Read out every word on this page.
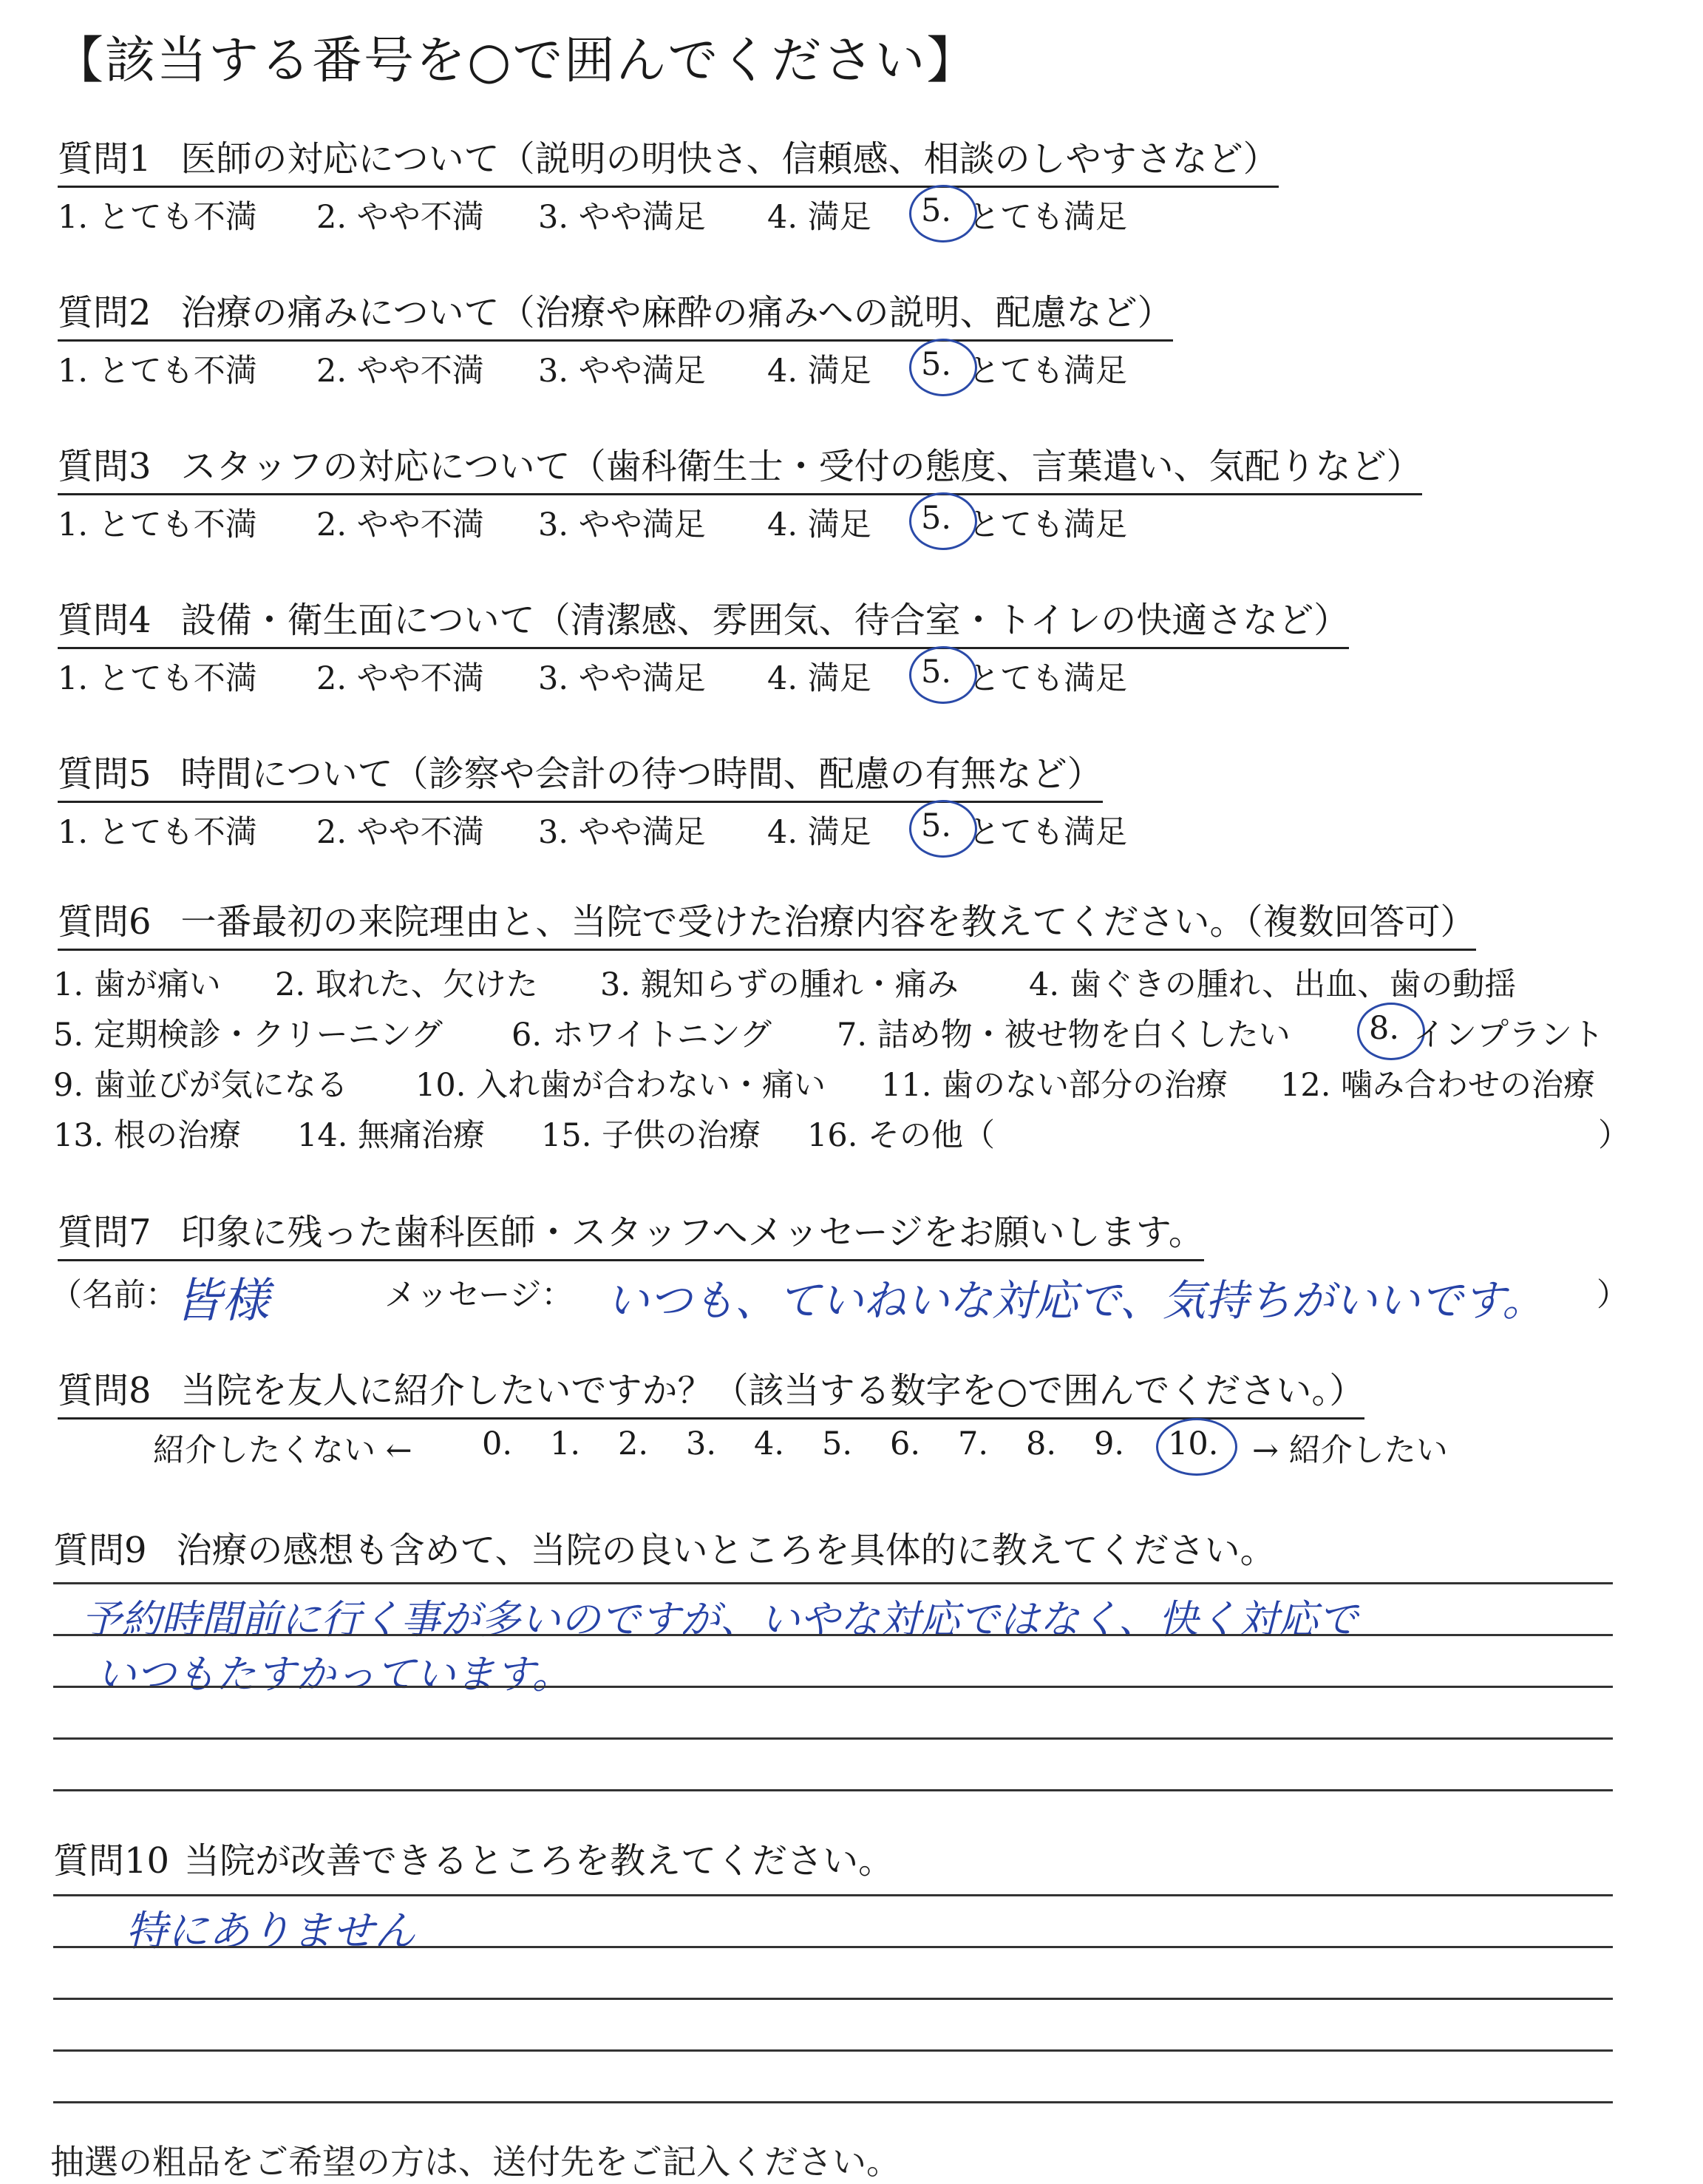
【該当する番号を○で囲んでください】
質問1 医師の対応について（説明の明快さ、信頼感、相談のしやすさなど）
1. とても不満 2. やや不満 3. やや満足 4. 満足 5. とても満足
質問2 治療の痛みについて（治療や麻酔の痛みへの説明、配慮など）
1. とても不満 2. やや不満 3. やや満足 4. 満足 5. とても満足
質問3 スタッフの対応について（歯科衛生士・受付の態度、言葉遣い、気配りなど）
1. とても不満 2. やや不満 3. やや満足 4. 満足 5. とても満足
質問4 設備・衛生面について（清潔感、雰囲気、待合室・トイレの快適さなど）
1. とても不満 2. やや不満 3. やや満足 4. 満足 5. とても満足
質問5 時間について（診察や会計の待つ時間、配慮の有無など）
1. とても不満 2. やや不満 3. やや満足 4. 満足 5. とても満足
質問6 一番最初の来院理由と、当院で受けた治療内容を教えてください。（複数回答可）
1. 歯が痛い 2. 取れた、欠けた 3. 親知らずの腫れ・痛み 4. 歯ぐきの腫れ、出血、歯の動揺
5. 定期検診・クリーニング 6. ホワイトニング 7. 詰め物・被せ物を白くしたい 8. インプラント
9. 歯並びが気になる 10. 入れ歯が合わない・痛い 11. 歯のない部分の治療 12. 噛み合わせの治療
13. 根の治療 14. 無痛治療 15. 子供の治療 16. その他（	）
質問7 印象に残った歯科医師・スタッフへメッセージをお願いします。
（名前：
皆様	メッセージ： いつも、ていねいな対応で、気持ちがいいです。 ）
質問8 当院を友人に紹介したいですか？（該当する数字を○で囲んでください。）
紹介したくない ← 0. 1. 2. 3. 4. 5. 6. 7. 8. 9. 10. → 紹介したい
質問9 治療の感想も含めて、当院の良いところを具体的に教えてください。
予約時間前に行く事が多いのですが、いやな対応ではなく、快く対応で
いつもたすかっています。
質問10 当院が改善できるところを教えてください。
特にありません
抽選の粗品をご希望の方は、送付先をご記入ください。
